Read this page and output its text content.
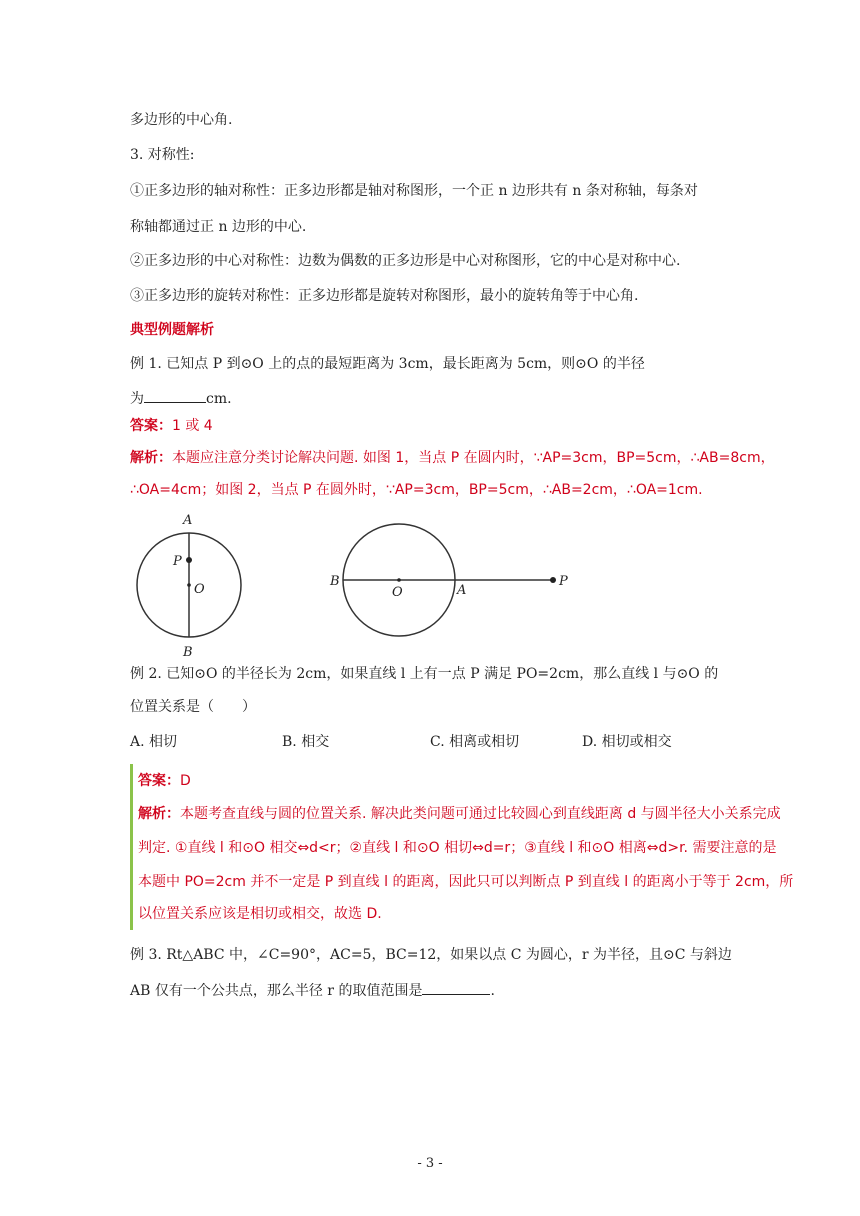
多边形的中心角.
3. 对称性:
①正多边形的轴对称性：正多边形都是轴对称图形，一个正 n 边形共有 n 条对称轴，每条对
称轴都通过正 n 边形的中心.
②正多边形的中心对称性：边数为偶数的正多边形是中心对称图形，它的中心是对称中心.
③正多边形的旋转对称性：正多边形都是旋转对称图形，最小的旋转角等于中心角.
典型例题解析
例 1. 已知点 P 到⊙O 上的点的最短距离为 3cm，最长距离为 5cm，则⊙O 的半径
为	cm.
答案：1 或 4
解析：本题应注意分类讨论解决问题. 如图 1，当点 P 在圆内时，∵AP=3cm，BP=5cm，∴AB=8cm，
∴OA=4cm；如图 2，当点 P 在圆外时，∵AP=3cm，BP=5cm，∴AB=2cm，∴OA=1cm.
A
P
O
B
B
O	A
P
例 2. 已知⊙O 的半径长为 2cm，如果直线 l 上有一点 P 满足 PO=2cm，那么直线 l 与⊙O 的
位置关系是（　　）
A. 相切	B. 相交	C. 相离或相切	D. 相切或相交
答案：D
解析：本题考查直线与圆的位置关系. 解决此类问题可通过比较圆心到直线距离 d 与圆半径大小关系完成
判定. ①直线 l 和⊙O 相交⇔d<r；②直线 l 和⊙O 相切⇔d=r；③直线 l 和⊙O 相离⇔d>r. 需要注意的是
本题中 PO=2cm 并不一定是 P 到直线 l 的距离，因此只可以判断点 P 到直线 l 的距离小于等于 2cm，所
以位置关系应该是相切或相交，故选 D.
例 3. Rt△ABC 中，∠C=90°，AC=5，BC=12，如果以点 C 为圆心，r 为半径，且⊙C 与斜边
AB 仅有一个公共点，那么半径 r 的取值范围是	.
- 3 -
